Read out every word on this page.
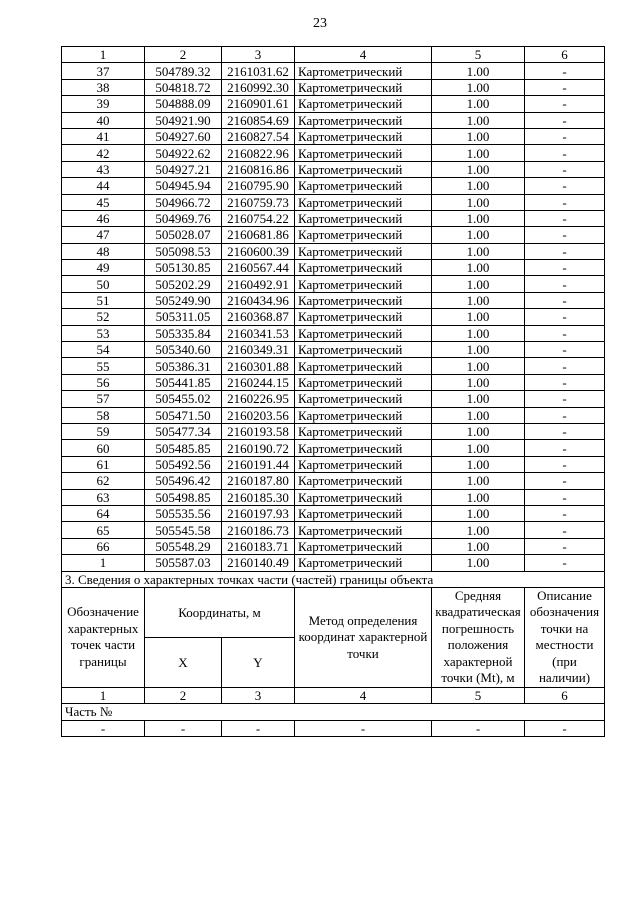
23
1	2	3	4	5	6
37	504789.32	2161031.62	Картометрический	1.00	-
38	504818.72	2160992.30	Картометрический	1.00	-
39	504888.09	2160901.61	Картометрический	1.00	-
40	504921.90	2160854.69	Картометрический	1.00	-
41	504927.60	2160827.54	Картометрический	1.00	-
42	504922.62	2160822.96	Картометрический	1.00	-
43	504927.21	2160816.86	Картометрический	1.00	-
44	504945.94	2160795.90	Картометрический	1.00	-
45	504966.72	2160759.73	Картометрический	1.00	-
46	504969.76	2160754.22	Картометрический	1.00	-
47	505028.07	2160681.86	Картометрический	1.00	-
48	505098.53	2160600.39	Картометрический	1.00	-
49	505130.85	2160567.44	Картометрический	1.00	-
50	505202.29	2160492.91	Картометрический	1.00	-
51	505249.90	2160434.96	Картометрический	1.00	-
52	505311.05	2160368.87	Картометрический	1.00	-
53	505335.84	2160341.53	Картометрический	1.00	-
54	505340.60	2160349.31	Картометрический	1.00	-
55	505386.31	2160301.88	Картометрический	1.00	-
56	505441.85	2160244.15	Картометрический	1.00	-
57	505455.02	2160226.95	Картометрический	1.00	-
58	505471.50	2160203.56	Картометрический	1.00	-
59	505477.34	2160193.58	Картометрический	1.00	-
60	505485.85	2160190.72	Картометрический	1.00	-
61	505492.56	2160191.44	Картометрический	1.00	-
62	505496.42	2160187.80	Картометрический	1.00	-
63	505498.85	2160185.30	Картометрический	1.00	-
64	505535.56	2160197.93	Картометрический	1.00	-
65	505545.58	2160186.73	Картометрический	1.00	-
66	505548.29	2160183.71	Картометрический	1.00	-
1	505587.03	2160140.49	Картометрический	1.00	-
3. Сведения о характерных точках части (частей) границы объекта					
Обозначение характерных точек части границы	Координаты, м		Метод определения координат характерной точки	Средняя квадратическая погрешность положения характерной точки (Mt), м	Описание обозначения точки на местности (при наличии)
	X	Y			
1	2	3	4	5	6
Часть №					
-	-	-	-	-	-
